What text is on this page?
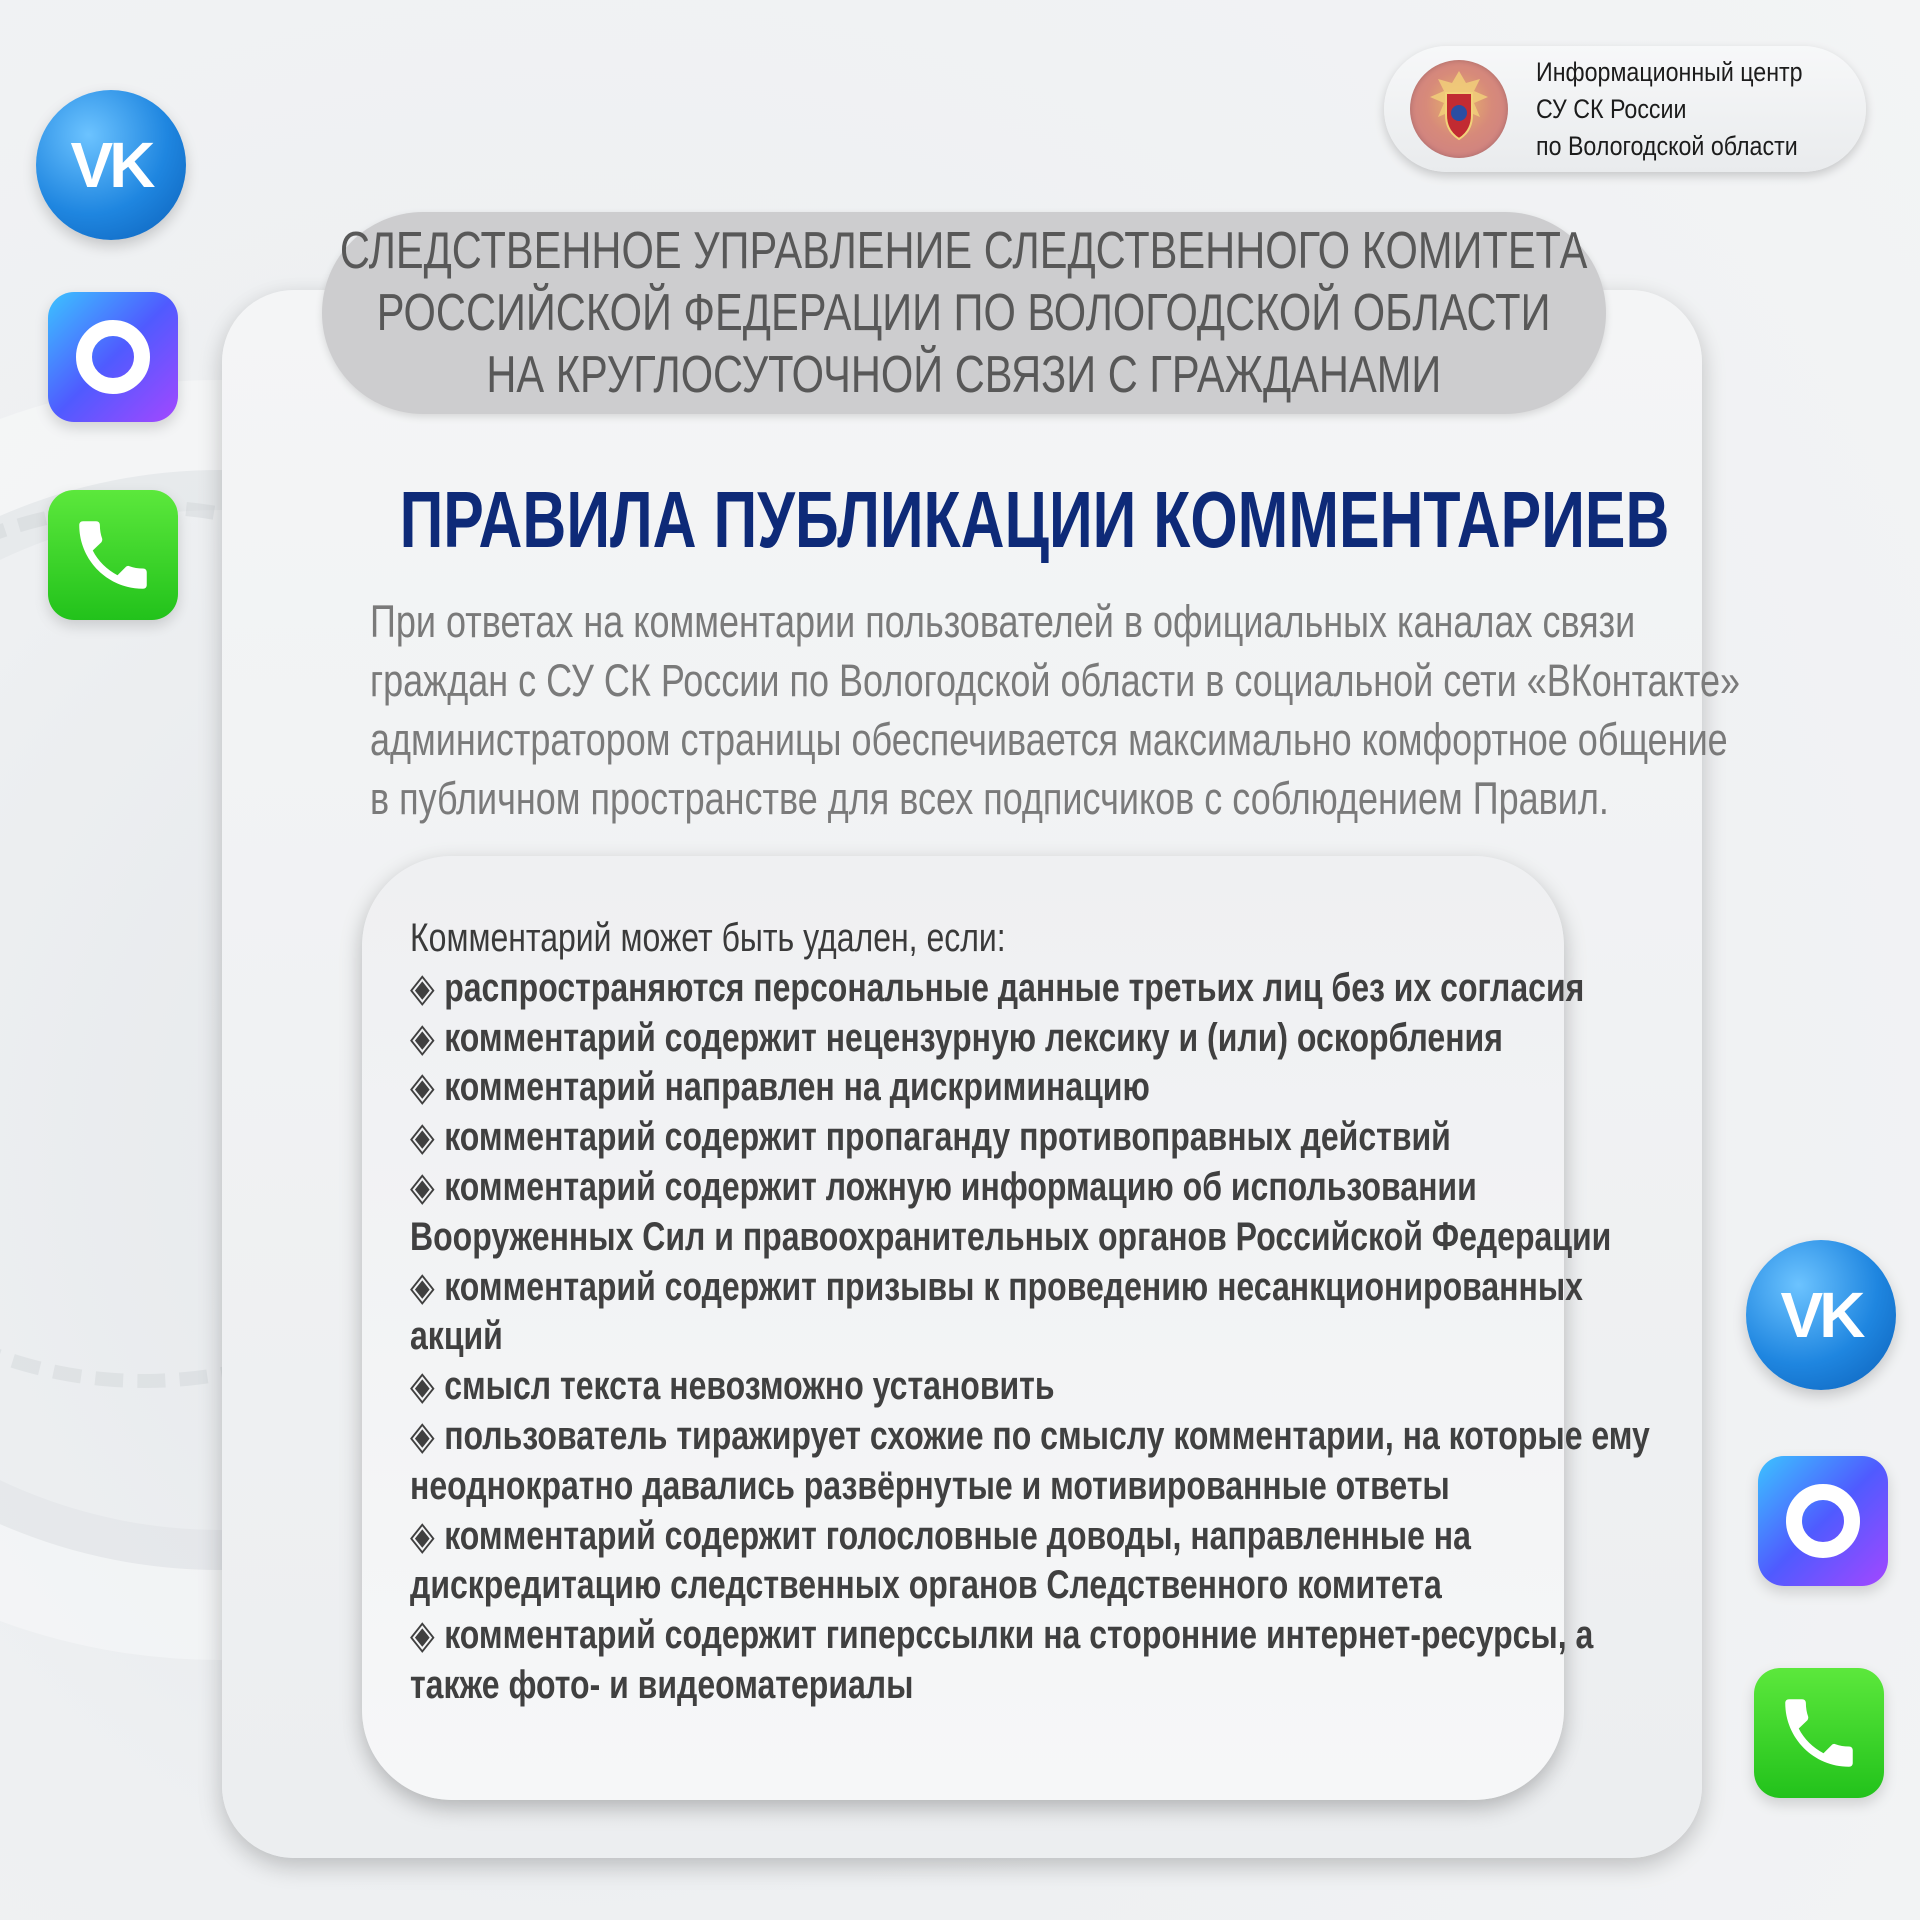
VK
VK
Информационный центр
СУ СК России
по Вологодской области
СЛЕДСТВЕННОЕ УПРАВЛЕНИЕ СЛЕДСТВЕННОГО КОМИТЕТА
РОССИЙСКОЙ ФЕДЕРАЦИИ ПО ВОЛОГОДСКОЙ ОБЛАСТИ
НА КРУГЛОСУТОЧНОЙ СВЯЗИ С ГРАЖДАНАМИ
ПРАВИЛА ПУБЛИКАЦИИ КОММЕНТАРИЕВ
При ответах на комментарии пользователей в официальных каналах связи
граждан с СУ СК России по Вологодской области в социальной сети «ВКонтакте»
администратором страницы обеспечивается максимально комфортное общение
в публичном пространстве для всех подписчиков с соблюдением Правил.
Комментарий может быть удален, если:
◈ распространяются персональные данные третьих лиц без их согласия
◈ комментарий содержит нецензурную лексику и (или) оскорбления
◈ комментарий направлен на дискриминацию
◈ комментарий содержит пропаганду противоправных действий
◈ комментарий содержит ложную информацию об использовании
Вооруженных Сил и правоохранительных органов Российской Федерации
◈ комментарий содержит призывы к проведению несанкционированных
акций
◈ смысл текста невозможно установить
◈ пользователь тиражирует схожие по смыслу комментарии, на которые ему
неоднократно давались развёрнутые и мотивированные ответы
◈ комментарий содержит голословные доводы, направленные на
дискредитацию следственных органов Следственного комитета
◈ комментарий содержит гиперссылки на сторонние интернет-ресурсы, а
также фото- и видеоматериалы
